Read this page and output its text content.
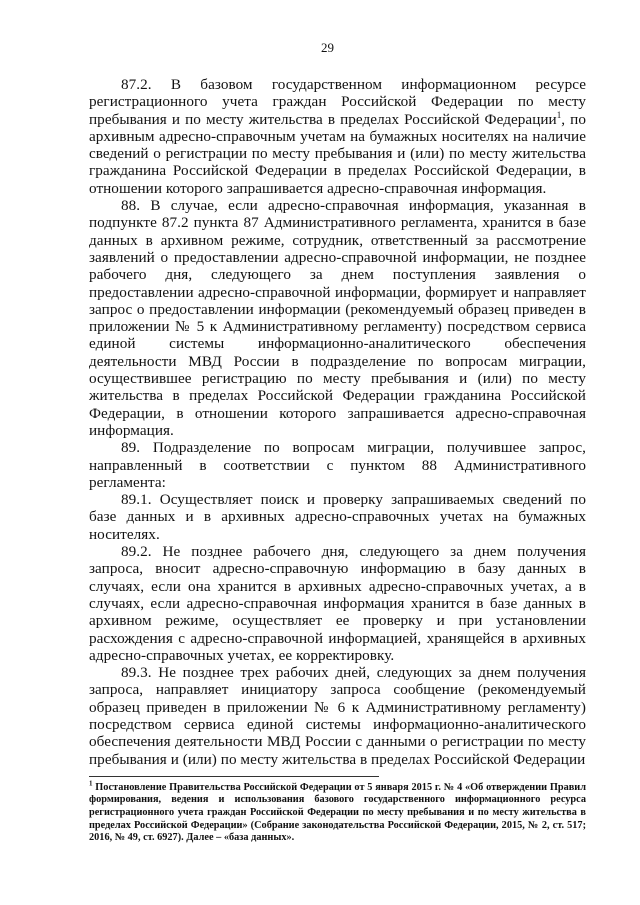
29

87.2. В базовом государственном информационном ресурсе регистрационного учета граждан Российской Федерации по месту пребывания и по месту жительства в пределах Российской Федерации$^1$, по архивным адресно-справочным учетам на бумажных носителях на наличие сведений о регистрации по месту пребывания и (или) по месту жительства гражданина Российской Федерации в пределах Российской Федерации, в отношении которого запрашивается адресно-справочная информация.

88. В случае, если адресно-справочная информация, указанная в подпункте 87.2 пункта 87 Административного регламента, хранится в базе данных в архивном режиме, сотрудник, ответственный за рассмотрение заявлений о предоставлении адресно-справочной информации, не позднее рабочего дня, следующего за днем поступления заявления о предоставлении адресно-справочной информации, формирует и направляет запрос о предоставлении информации (рекомендуемый образец приведен в приложении № 5 к Административному регламенту) посредством сервиса единой системы информационно-аналитического обеспечения деятельности МВД России в подразделение по вопросам миграции, осуществившее регистрацию по месту пребывания и (или) по месту жительства в пределах Российской Федерации гражданина Российской Федерации, в отношении которого запрашивается адресно-справочная информация.

89. Подразделение по вопросам миграции, получившее запрос, направленный в соответствии с пунктом 88 Административного регламента:

89.1. Осуществляет поиск и проверку запрашиваемых сведений по базе данных и в архивных адресно-справочных учетах на бумажных носителях.

89.2. Не позднее рабочего дня, следующего за днем получения запроса, вносит адресно-справочную информацию в базу данных в случаях, если она хранится в архивных адресно-справочных учетах, а в случаях, если адресно-справочная информация хранится в базе данных в архивном режиме, осуществляет ее проверку и при установлении расхождения с адресно-справочной информацией, хранящейся в архивных адресно-справочных учетах, ее корректировку.

89.3. Не позднее трех рабочих дней, следующих за днем получения запроса, направляет инициатору запроса сообщение (рекомендуемый образец приведен в приложении № 6 к Административному регламенту) посредством сервиса единой системы информационно-аналитического обеспечения деятельности МВД России с данными о регистрации по месту пребывания и (или) по месту жительства в пределах Российской Федерации

$^1$ Постановление Правительства Российской Федерации от 5 января 2015 г. № 4 «Об отверждении Правил формирования, ведения и использования базового государственного информационного ресурса регистрационного учета граждан Российской Федерации по месту пребывания и по месту жительства в пределах Российской Федерации» (Собрание законодательства Российской Федерации, 2015, № 2, ст. 517; 2016, № 49, ст. 6927). Далее – «база данных».
